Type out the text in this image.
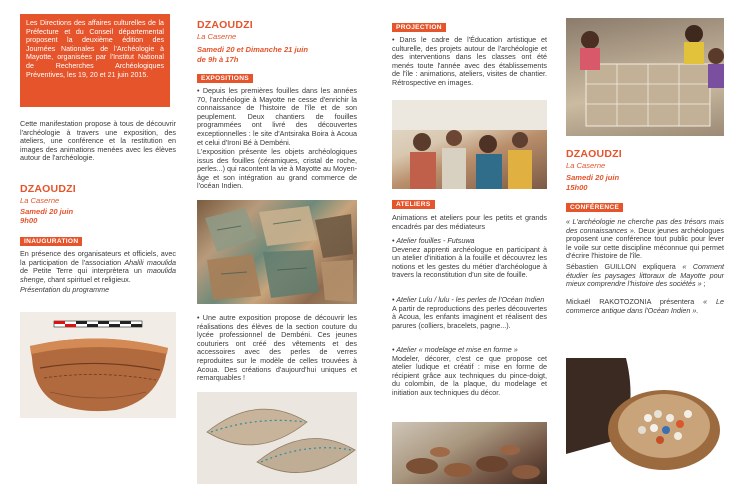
Les Directions des affaires culturelles de la Préfecture et du Conseil départemental proposent la deuxième édition des Journées Nationales de l'Archéologie à Mayotte, organisées par l'Institut National de Recherches Archéologiques Préventives, les 19, 20 et 21 juin 2015.

Cette manifestation propose à tous de découvrir l'archéologie à travers une exposition, des ateliers, une conférence et la restitution en images des animations menées avec les élèves autour de l'archéologie.

DZAOUDZI
La Caserne
Samedi 20 juin
9h00
INAUGURATION

En présence des organisateurs et officiels, avec la participation de l'association Ahalili maoulida de Petite Terre qui interprètera un maoulida shenge, chant spirituel et religieux.
Présentation du programme

DZAOUDZI
La Caserne
Samedi 20 et Dimanche 21 juin
de 9h à 17h
EXPOSITIONS

• Depuis les premières fouilles dans les années 70, l'archéologie à Mayotte ne cesse d'enrichir la connaissance de l'histoire de l'île et de son peuplement. Deux chantiers de fouilles programmées ont livré des découvertes exceptionnelles : le site d'Antsiraka Boira à Acoua et celui d'Ironi Bé à Dembéni.

L'exposition présente les objets archéologiques issus des fouilles (céramiques, cristal de roche, perles...) qui racontent la vie à Mayotte au Moyen-âge et son intégration au grand commerce de l'océan Indien.

• Une autre exposition propose de découvrir les réalisations des élèves de la section couture du lycée professionnel de Dembéni. Ces jeunes couturiers ont créé des vêtements et des accessoires avec des perles de verres reproduites sur le modèle de celles trouvées à Acoua. Des créations d'aujourd'hui uniques et remarquables !

PROJECTION

• Dans le cadre de l'Éducation artistique et culturelle, des projets autour de l'archéologie et des interventions dans les classes ont été menés toute l'année avec des établissements de l'île : animations, ateliers, visites de chantier. Rétrospective en images.

ATELIERS

Animations et ateliers pour les petits et grands encadrés par des médiateurs

• Atelier fouilles - Futsuwa
Devenez apprenti archéologue en participant à un atelier d'initiation à la fouille et découvrez les notions et les gestes du métier d'archéologue à travers la reconstitution d'un site de fouille.

• Atelier Lulu / lulu - les perles de l'Océan Indien
A partir de reproductions des perles découvertes à Acoua, les enfants imaginent et réalisent des parures (colliers, bracelets, pagne...).

• Atelier « modelage et mise en forme »
Modeler, décorer, c'est ce que propose cet atelier ludique et créatif : mise en forme de récipient grâce aux techniques du pince-doigt, du colombin, de la plaque, du modelage et initiation aux techniques du décor.

DZAOUDZI
La Caserne
Samedi 20 juin
15h00
CONFÉRENCE

« L'archéologie ne cherche pas des trésors mais des connaissances ». Deux jeunes archéologues proposent une conférence tout public pour lever le voile sur cette discipline méconnue qui permet d'écrire l'histoire de l'île.

Sébastien GUILLON expliquera « Comment étudier les paysages littoraux de Mayotte pour mieux comprendre l'histoire des sociétés » ;

Mickaël RAKOTOZONIA présentera « Le commerce antique dans l'Océan Indien ».
